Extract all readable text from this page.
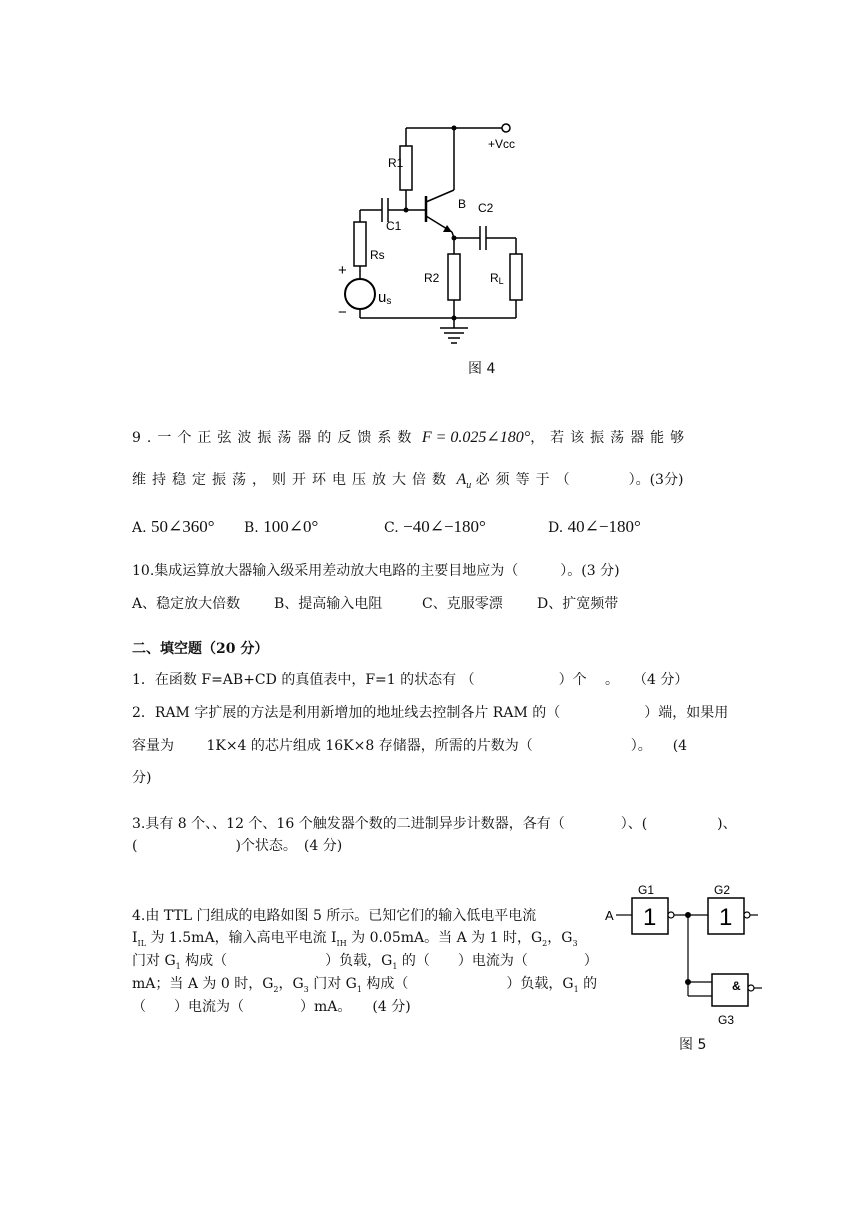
+Vcc
R1
B
C1
Rs
+
−
us
R2
C2
RL
图 4
9.一个正弦波振荡器的反馈系数 F = 0.025∠180°，若该振荡器能够
维持稳定振荡，则开环电压放大倍数 $A_u$ 必须等于（	）。(3分)
A. 50∠360° B. 100∠0°	C. −40∠−180°	D. 40∠−180°
10.集成运算放大器输入级采用差动放大电路的主要目地应为（　　　）。(3 分)
A、稳定放大倍数 B、提高输入电阻	C、克服零漂 D、扩宽频带
二、填空题（20 分）
1．在函数 F=AB+CD 的真值表中，F=1 的状态有 （　　　　　　）个　 。　　（4 分）
2．RAM 字扩展的方法是利用新增加的地址线去控制各片 RAM 的（　　　　　　）端，如果用
容量为　　 1K×4 的芯片组成 16K×8 存储器，所需的片数为（　　　　　　　）。　　(4
分)
3.具有 8 个、、12 个、16 个触发器个数的二进制异步计数器，各有（　　　　）、(　　　　　)、
(　　　　　　　)个状态。　(4 分)
4.由 TTL 门组成的电路如图 5 所示。已知它们的输入低电平电流
$I_{IL}$ 为 1.5mA，输入高电平电流 $I_{IH}$ 为 0.05mA。当 A 为 1 时，$G_2$，$G_3$
门对 $G_1$ 构成（　　　　　　　）负载，$G_1$ 的（　　）电流为（　　　　）
mA；当 A 为 0 时，$G_2$，$G_3$ 门对 $G_1$ 构成（　　　　　　　）负载，$G_1$ 的
（　　）电流为（　　　　）mA。　　(4 分)
G1	G2
A 1	1
&
G3
图 5
